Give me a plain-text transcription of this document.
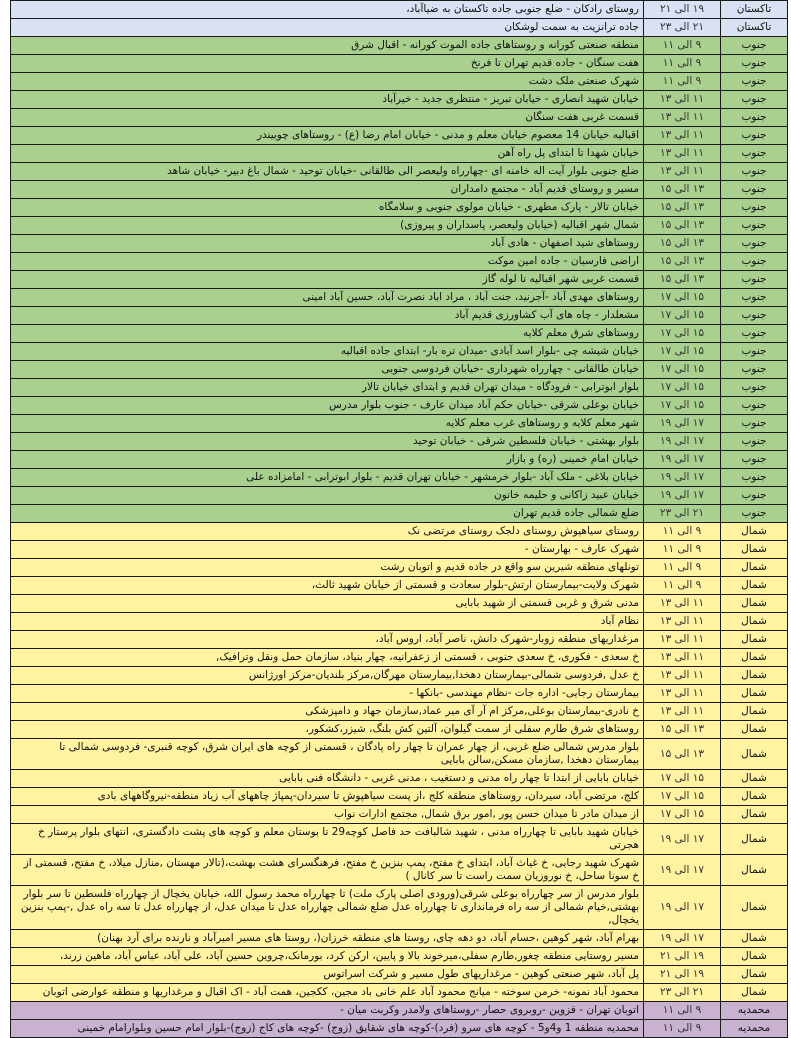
تاکستان	۱۹ الی ۲۱	روستای رادکان - ضلع جنوبی جاده تاکستان به ضیاآباد،
تاکستان	۲۱ الی ۲۳	جاده ترانزیت به سمت لوشکان
جنوب	۹ الی ۱۱	منطقه صنعتی کورانه و روستاهای جاده الموت کورانه - اقبال شرق
جنوب	۹ الی ۱۱	هفت سنگان - جاده قدیم تهران تا فرنخ
جنوب	۹ الی ۱۱	شهرک صنعتی ملک دشت
جنوب	۱۱ الی ۱۳	خیابان شهید انصاری - خیابان تبریز - منتظری جدید - خیرآباد
جنوب	۱۱ الی ۱۳	قسمت غربی هفت سنگان
جنوب	۱۱ الی ۱۳	اقبالیه خیابان 14 معصوم خیابان معلم و مدنی - خیابان امام رضا (ع) - روستاهای چوبیندر
جنوب	۱۱ الی ۱۳	خیابان شهدا تا ابتدای پل راه آهن
جنوب	۱۱ الی ۱۳	ضلع جنوبی بلوار آیت اله خامنه ای -چهارراه ولیعصر الی طالقانی -خیابان توحید - شمال باغ دبیر- خیابان شاهد
جنوب	۱۳ الی ۱۵	مسیر و روستای قدیم آباد - مجتمع دامداران
جنوب	۱۳ الی ۱۵	خیابان تالار - پارک مطهری - خیابان مولوی جنوبی و سلامگاه
جنوب	۱۳ الی ۱۵	شمال شهر اقبالیه (خیابان ولیعصر، پاسداران و پیروزی)
جنوب	۱۳ الی ۱۵	روستاهای شید اصفهان - هادی آباد
جنوب	۱۳ الی ۱۵	اراضی فارسیان - جاده امین موکت
جنوب	۱۳ الی ۱۵	قسمت غربی شهر اقبالیه تا لوله گاز
جنوب	۱۵ الی ۱۷	روستاهای مهدی آباد -آجرنید، جنت آباد ، مراد اباد نصرت آباد، حسین آباد امینی
جنوب	۱۵ الی ۱۷	مشعلدار - چاه های آب کشاورزی قدیم آباد
جنوب	۱۵ الی ۱۷	روستاهای شرق معلم کلایه
جنوب	۱۵ الی ۱۷	خیابان شیشه چی -بلوار اسد آبادی -میدان تره بار- ابتدای جاده اقبالیه
جنوب	۱۵ الی ۱۷	خیابان طالقانی - چهارراه شهرداری -خیابان فردوسی جنوبی
جنوب	۱۵ الی ۱۷	بلوار ابوترابی - فرودگاه - میدان تهران قدیم و ابتدای خیابان تالار
جنوب	۱۵ الی ۱۷	خیابان بوعلی شرقی -خیابان حکم آباد میدان عارف - جنوب بلوار مدرس
جنوب	۱۷ الی ۱۹	شهر معلم کلایه و روستاهای غرب معلم کلایه
جنوب	۱۷ الی ۱۹	بلوار بهشتی - خیابان فلسطین شرقی - خیابان توحید
جنوب	۱۷ الی ۱۹	خیابان امام خمینی (ره) و بازار
جنوب	۱۷ الی ۱۹	خیابان بلاغی - ملک آباد -بلوار خرمشهر - خیابان تهران قدیم - بلوار ابوترابی - امامزاده علی
جنوب	۱۷ الی ۱۹	خیابان عبید زاکانی و حلیمه خاتون
جنوب	۲۱ الی ۲۳	ضلع شمالی جاده قدیم تهران
شمال	۹ الی ۱۱	روستای سیاهپوش روستای دلجک روستای مرتضی نک
شمال	۹ الی ۱۱	شهرک عارف - بهارستان -
شمال	۹ الی ۱۱	تونلهای منطقه شیرین سو واقع در جاده قدیم و اتوبان رشت
شمال	۹ الی ۱۱	شهرک ولایت-بیمارستان ارتش-بلوار سعادت و قسمتی از خیابان شهید ثالث،
شمال	۱۱ الی ۱۳	مدنی شرق و غربی قسمتی از شهید بابایی
شمال	۱۱ الی ۱۳	نظام آباد
شمال	۱۱ الی ۱۳	مرغداریهای منطقه زوبار-شهرک دانش، ناصر آباد، اروس آباد،
شمال	۱۱ الی ۱۳	خ سعدی - فکوری، خ سعدی جنوبی ، قسمتی از زعفرانیه، چهار بنیاد، سازمان حمل ونقل وترافیک,
شمال	۱۱ الی ۱۳	خ عدل ,فردوسی شمالی-بیمارستان دهخدا,بیمارستان مهرگان,مرکز بلندیان-مرکز اورژانس
شمال	۱۱ الی ۱۳	بیمارستان رجایی- اداره جات -نظام مهندسی -بانکها -
شمال	۱۱ الی ۱۳	خ نادری-بیمارستان بوعلی,مرکز ام آر آی میر عماد,سازمان جهاد و دامپزشکی
شمال	۱۳ الی ۱۵	روستاهای شرق طارم سفلی از سمت گیلوان، آلتین کش بلنگ، شیزر،کشکور،
شمال	۱۳ الی ۱۵	بلوار مدرس شمالی ضلع غربی، از چهار عمران تا چهار راه پادگان ، قسمتی از کوچه های ایران شرق، کوچه قنبری- فردوسی شمالی تا بیمارستان دهخدا ,سازمان مسکن,سالن بابایی
شمال	۱۵ الی ۱۷	خیابان بابایی از ابتدا تا چهار راه مدنی و دستغیب ، مدنی غربی - دانشگاه فنی بابایی
شمال	۱۵ الی ۱۷	کلج، مرتضی آباد، سیردان، روستاهای منطقه کلج ،از پست سیاهپوش تا سیردان-پمپاژ چاههای آب زیاد منطقه-نیروگاههای بادی
شمال	۱۵ الی ۱۷	از میدان مادر تا میدان حسن پور ,امور برق شمال, مجتمع ادارات نواب
شمال	۱۷ الی ۱۹	خیابان شهید بابایی تا چهارراه مدنی ، شهید شالبافت حد فاصل کوچه29 تا بوستان معلم و کوچه های پشت دادگستری، انتهای بلوار پرستار خ هجرتی
شمال	۱۷ الی ۱۹	شهرک شهید رجایی، خ غیاث آباد، ابتدای خ مفتح، پمپ بنزین خ مفتح، فرهنگسرای هشت بهشت،(تالار مهستان ,منازل میلاد، خ مفتح، قسمتی از خ سونا ساحل، خ نوروزیان سمت راست تا سر کانال )
شمال	۱۷ الی ۱۹	بلوار مدرس از سر چهارراه بوعلی شرقی(ورودی اصلی پارک ملت) تا چهارراه محمد رسول الله، خیابان یخچال از چهارراه فلسطین تا سر بلوار بهشتی,خیام شمالی از سه راه فرمانداری تا چهارراه عدل ضلع شمالی چهارراه عدل تا میدان عدل، از چهارراه عدل تا سه راه عدل ,-پمپ بنزین یخچال,
شمال	۱۷ الی ۱۹	بهرام آباد، شهر کوهین ،حسام آباد، دو دهه چای، روستا های منطقه خرزان(، روستا های مسیر امیرآباد و نارنده برای آرد بهنان)
شمال	۱۹ الی ۲۱	مسیر روستایی منطقه چغور,طارم سفلی،میرخوند بالا و پایین، ارکن کرد، بورمانک،چروین حسین آباد، علی آباد، عباس آباد، ماهین زرند،
شمال	۱۹ الی ۲۱	پل آباد، شهر صنعتی کوهین - مرغداریهای طول مسیر و شرکت اسراتوس
شمال	۲۱ الی ۲۳	محمود آباد نمونه- خرمن سوخته - میانج محمود آباد علم خانی باد مجین، ککجین، همت آباد - اک اقبال و مرغداریها و منطقه عوارضی اتوبان
محمدیه	۹ الی ۱۱	اتوبان تهران - قزوین -روبروی حصار -روستاهای ولامدر وکربت میان -
محمدیه	۹ الی ۱۱	محمدیه منطقه 1 و4و5 - کوچه های سرو (فرد)-کوچه های شقایق (زوج) -کوچه های کاج (زوج)-بلوار امام حسین وبلوارامام خمینی
